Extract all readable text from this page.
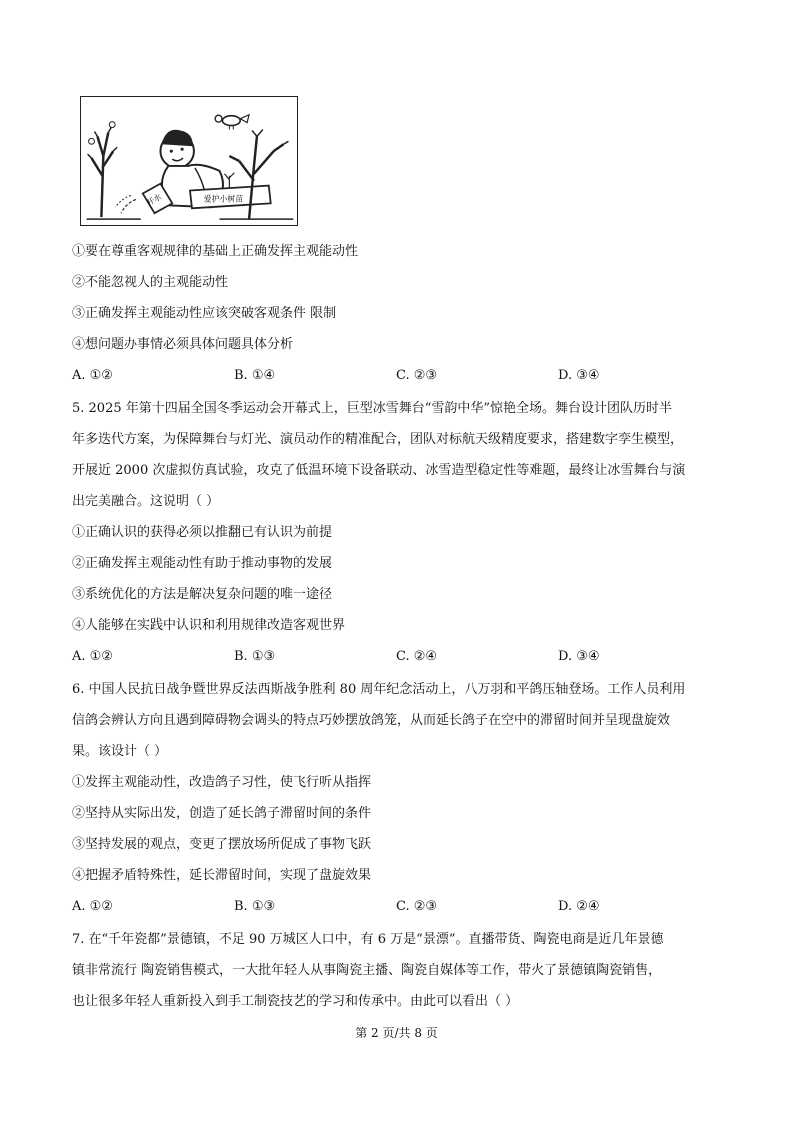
开水	爱护小树苗
①要在尊重客观规律的基础上正确发挥主观能动性
②不能忽视人的主观能动性
③正确发挥主观能动性应该突破客观条件 限制
④想问题办事情必须具体问题具体分析
A. ①②	B. ①④	C. ②③	D. ③④
5. 2025 年第十四届全国冬季运动会开幕式上，巨型冰雪舞台“雪韵中华”惊艳全场。舞台设计团队历时半
年多迭代方案，为保障舞台与灯光、演员动作的精准配合，团队对标航天级精度要求，搭建数字孪生模型，
开展近 2000 次虚拟仿真试验，攻克了低温环境下设备联动、冰雪造型稳定性等难题，最终让冰雪舞台与演
出完美融合。这说明（ ）
①正确认识的获得必须以推翻已有认识为前提
②正确发挥主观能动性有助于推动事物的发展
③系统优化的方法是解决复杂问题的唯一途径
④人能够在实践中认识和利用规律改造客观世界
A. ①②	B. ①③	C. ②④	D. ③④
6. 中国人民抗日战争暨世界反法西斯战争胜利 80 周年纪念活动上，八万羽和平鸽压轴登场。工作人员利用
信鸽会辨认方向且遇到障碍物会调头的特点巧妙摆放鸽笼，从而延长鸽子在空中的滞留时间并呈现盘旋效
果。该设计（ ）
①发挥主观能动性，改造鸽子习性，使飞行听从指挥
②坚持从实际出发，创造了延长鸽子滞留时间的条件
③坚持发展的观点，变更了摆放场所促成了事物飞跃
④把握矛盾特殊性，延长滞留时间，实现了盘旋效果
A. ①②	B. ①③	C. ②③	D. ②④
7. 在“千年瓷都”景德镇，不足 90 万城区人口中，有 6 万是“景漂”。直播带货、陶瓷电商是近几年景德
镇非常流行 陶瓷销售模式，一大批年轻人从事陶瓷主播、陶瓷自媒体等工作，带火了景德镇陶瓷销售，
也让很多年轻人重新投入到手工制瓷技艺的学习和传承中。由此可以看出（ ）
第 2 页/共 8 页
